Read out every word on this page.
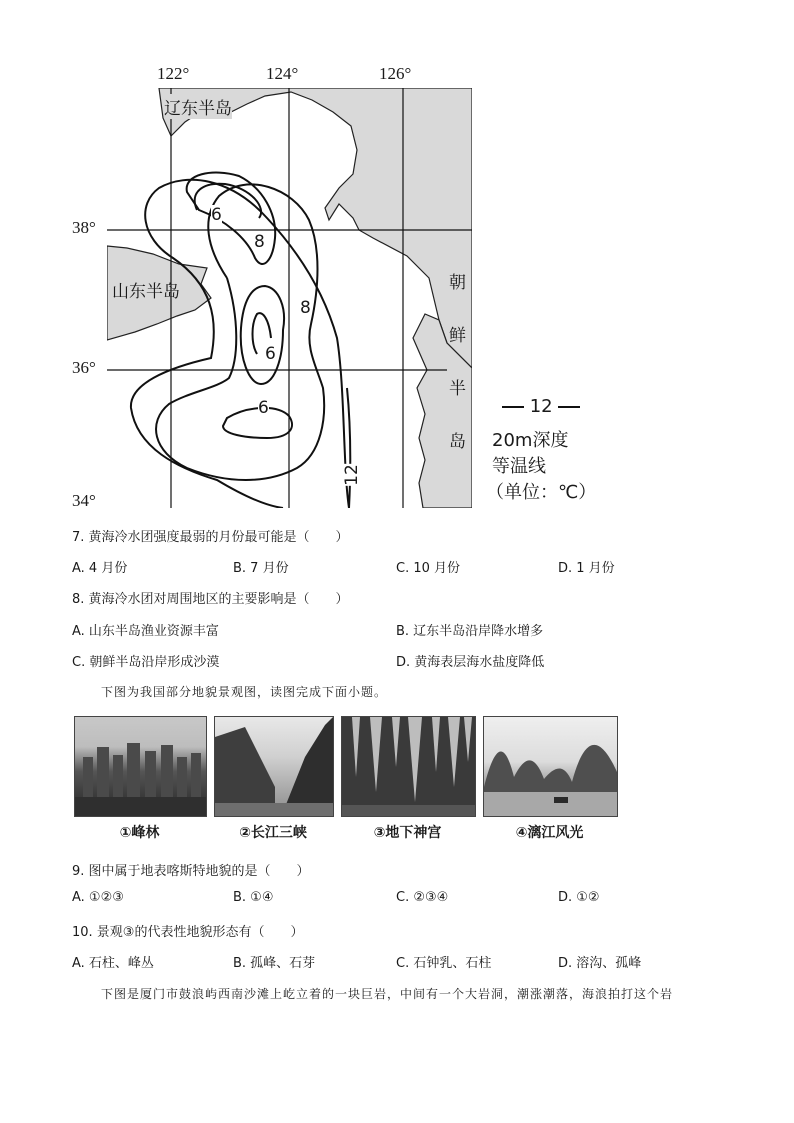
122°	124°	126°
38°
36°
34°
辽东半岛
山东半岛	朝
鲜
半
岛
6
8
8
6
6
12
12
20m深度
等温线
（单位：℃）
7. 黄海冷水团强度最弱的月份最可能是（　　）
A. 4 月份	B. 7 月份	C. 10 月份	D. 1 月份
8. 黄海冷水团对周围地区的主要影响是（　　）
A. 山东半岛渔业资源丰富	B. 辽东半岛沿岸降水增多
C. 朝鲜半岛沿岸形成沙漠	D. 黄海表层海水盐度降低
下图为我国部分地貌景观图，读图完成下面小题。
①峰林	②长江三峡	③地下神宫	④漓江风光
9. 图中属于地表喀斯特地貌的是（　　）
A. ①②③	B. ①④	C. ②③④	D. ①②
10. 景观③的代表性地貌形态有（　　）
A. 石柱、峰丛	B. 孤峰、石芽	C. 石钟乳、石柱	D. 溶沟、孤峰
下图是厦门市鼓浪屿西南沙滩上屹立着的一块巨岩，中间有一个大岩洞，潮涨潮落，海浪拍打这个岩
